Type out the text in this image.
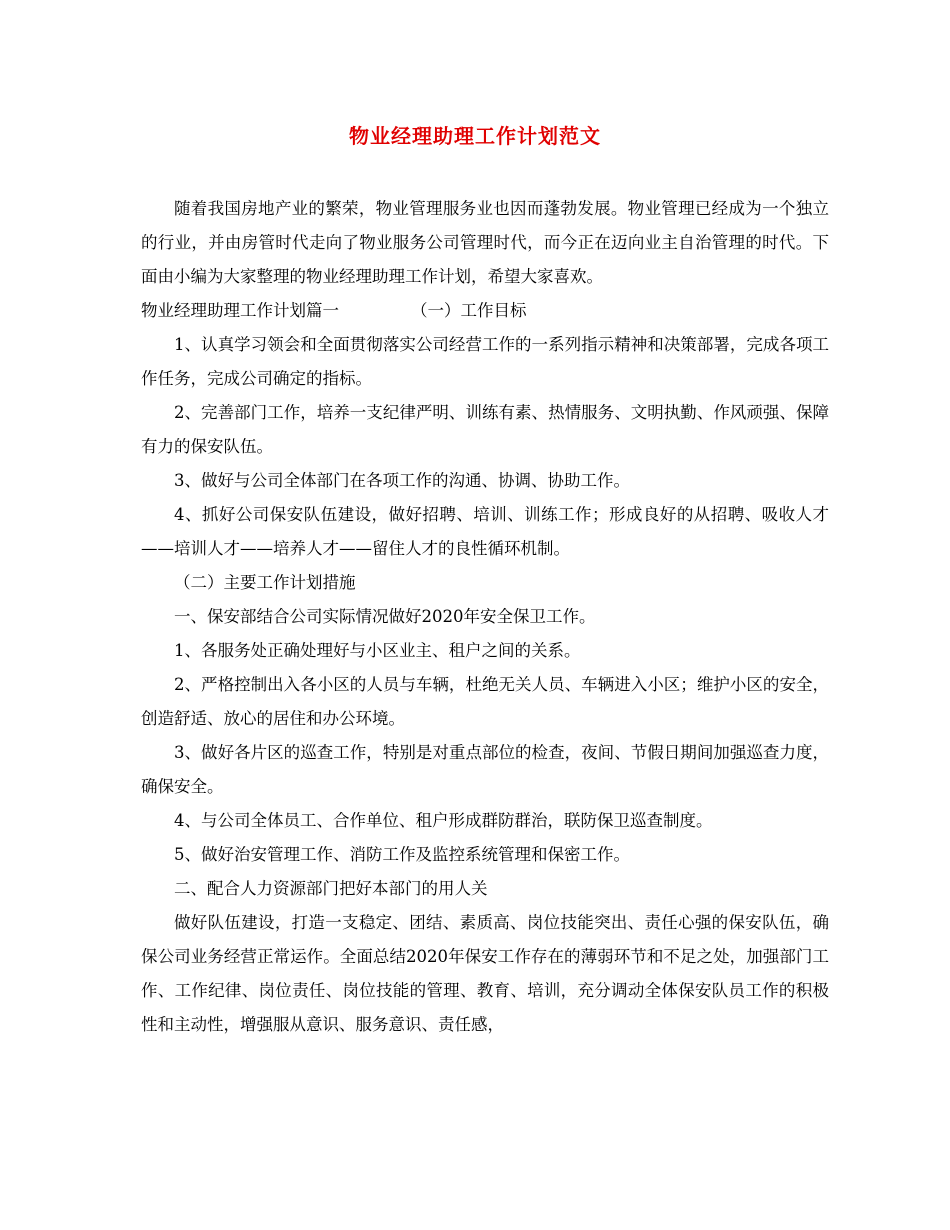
物业经理助理工作计划范文

随着我国房地产业的繁荣，物业管理服务业也因而蓬勃发展。物业管理已经成为一个独立的行业，并由房管时代走向了物业服务公司管理时代，而今正在迈向业主自治管理的时代。下面由小编为大家整理的物业经理助理工作计划，希望大家喜欢。

物业经理助理工作计划篇一	（一）工作目标

1、认真学习领会和全面贯彻落实公司经营工作的一系列指示精神和决策部署，完成各项工作任务，完成公司确定的指标。

2、完善部门工作，培养一支纪律严明、训练有素、热情服务、文明执勤、作风顽强、保障有力的保安队伍。

3、做好与公司全体部门在各项工作的沟通、协调、协助工作。

4、抓好公司保安队伍建设，做好招聘、培训、训练工作；形成良好的从招聘、吸收人才——培训人才——培养人才——留住人才的良性循环机制。

（二）主要工作计划措施

一、保安部结合公司实际情况做好2020年安全保卫工作。

1、各服务处正确处理好与小区业主、租户之间的关系。

2、严格控制出入各小区的人员与车辆，杜绝无关人员、车辆进入小区；维护小区的安全，创造舒适、放心的居住和办公环境。

3、做好各片区的巡查工作，特别是对重点部位的检查，夜间、节假日期间加强巡查力度，确保安全。

4、与公司全体员工、合作单位、租户形成群防群治，联防保卫巡查制度。

5、做好治安管理工作、消防工作及监控系统管理和保密工作。

二、配合人力资源部门把好本部门的用人关

做好队伍建设，打造一支稳定、团结、素质高、岗位技能突出、责任心强的保安队伍，确保公司业务经营正常运作。全面总结2020年保安工作存在的薄弱环节和不足之处，加强部门工作、工作纪律、岗位责任、岗位技能的管理、教育、培训，充分调动全体保安队员工作的积极性和主动性，增强服从意识、服务意识、责任感，
